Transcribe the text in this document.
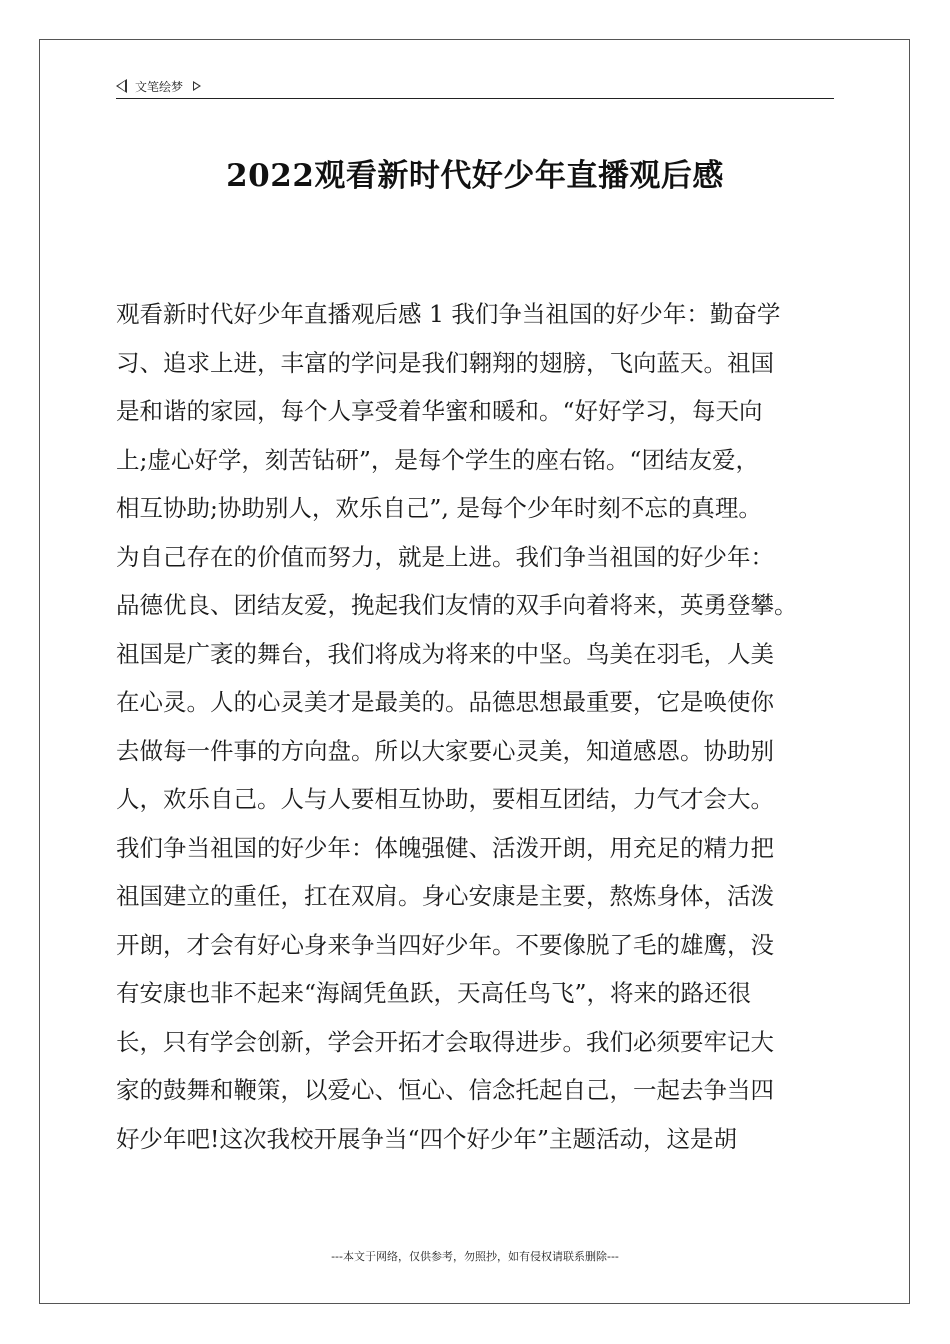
文笔绘梦
2022观看新时代好少年直播观后感
观看新时代好少年直播观后感 1 我们争当祖国的好少年：勤奋学
习、追求上进，丰富的学问是我们翱翔的翅膀，飞向蓝天。祖国
是和谐的家园，每个人享受着华蜜和暖和。“好好学习，每天向
上;虚心好学，刻苦钻研”，是每个学生的座右铭。“团结友爱，
相互协助;协助别人，欢乐自己”, 是每个少年时刻不忘的真理。
为自己存在的价值而努力，就是上进。我们争当祖国的好少年：
品德优良、团结友爱，挽起我们友情的双手向着将来，英勇登攀。
祖国是广袤的舞台，我们将成为将来的中坚。鸟美在羽毛，人美
在心灵。人的心灵美才是最美的。品德思想最重要，它是唤使你
去做每一件事的方向盘。所以大家要心灵美，知道感恩。协助别
人，欢乐自己。人与人要相互协助，要相互团结，力气才会大。
我们争当祖国的好少年：体魄强健、活泼开朗，用充足的精力把
祖国建立的重任，扛在双肩。身心安康是主要，熬炼身体，活泼
开朗，才会有好心身来争当四好少年。不要像脱了毛的雄鹰，没
有安康也非不起来“海阔凭鱼跃，天高任鸟飞”，将来的路还很
长，只有学会创新，学会开拓才会取得进步。我们必须要牢记大
家的鼓舞和鞭策，以爱心、恒心、信念托起自己，一起去争当四
好少年吧!这次我校开展争当“四个好少年”主题活动，这是胡
---本文于网络，仅供参考，勿照抄，如有侵权请联系删除---
